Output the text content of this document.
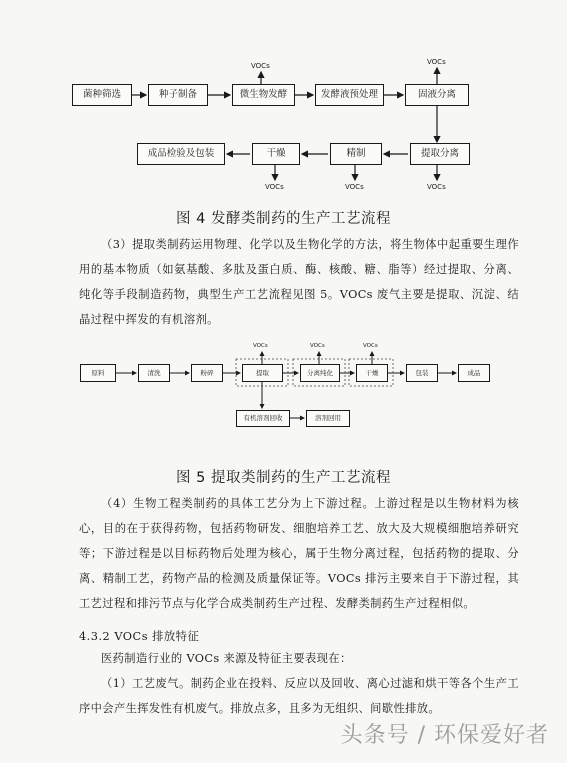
菌种筛选	种子制备	微生物发酵	发酵液预处理	固液分离
成品检验及包装	干燥	精制	提取分离
VOCs	VOCs
VOCs	VOCs	VOCs
图 4 发酵类制药的生产工艺流程
（3）提取类制药运用物理、化学以及生物化学的方法，将生物体中起重要生理作用的基本物质（如氨基酸、多肽及蛋白质、酶、核酸、糖、脂等）经过提取、分离、纯化等手段制造药物，典型生产工艺流程见图 5。VOCs 废气主要是提取、沉淀、结晶过程中挥发的有机溶剂。
原料	清洗	粉碎	提取	分离纯化	干燥	包装	成品
有机溶剂回收	溶剂回用
VOCs	VOCs	VOCs
图 5 提取类制药的生产工艺流程
（4）生物工程类制药的具体工艺分为上下游过程。上游过程是以生物材料为核心，目的在于获得药物，包括药物研发、细胞培养工艺、放大及大规模细胞培养研究等；下游过程是以目标药物后处理为核心，属于生物分离过程，包括药物的提取、分离、精制工艺，药物产品的检测及质量保证等。VOCs 排污主要来自于下游过程，其工艺过程和排污节点与化学合成类制药生产过程、发酵类制药生产过程相似。
4.3.2 VOCs 排放特征
医药制造行业的 VOCs 来源及特征主要表现在：
（1）工艺废气。制药企业在投料、反应以及回收、离心过滤和烘干等各个生产工序中会产生挥发性有机废气。排放点多，且多为无组织、间歇性排放。
头条号 / 环保爱好者
